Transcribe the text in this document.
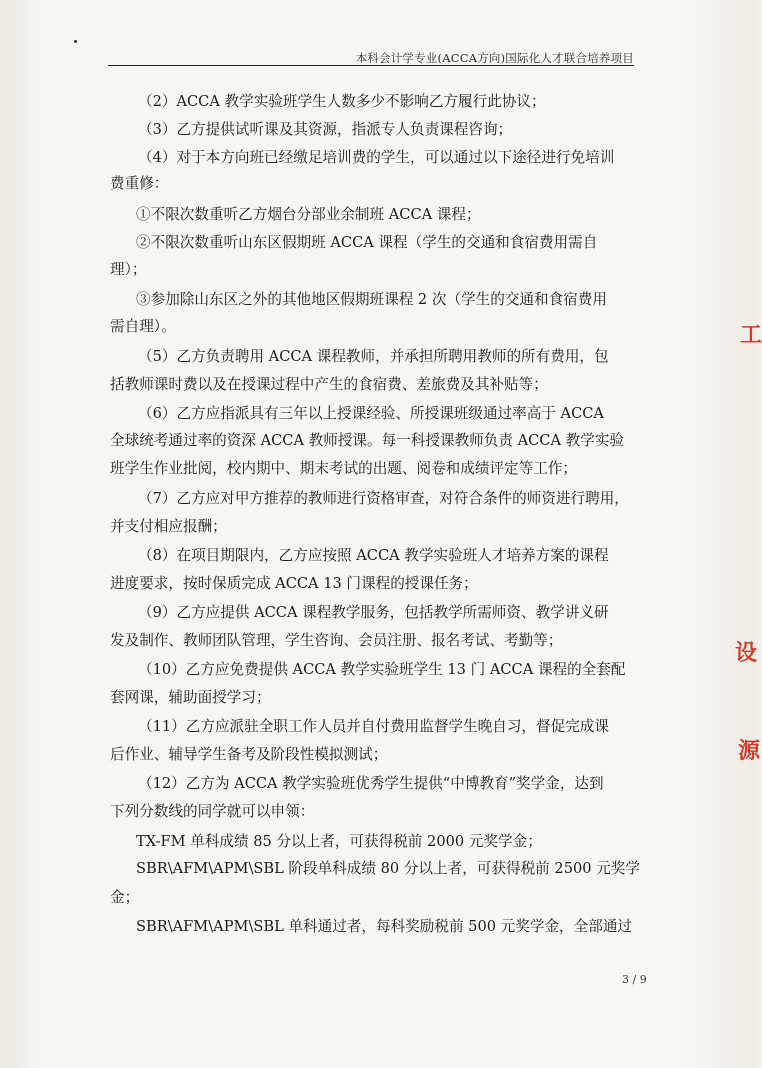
本科会计学专业(ACCA方向)国际化人才联合培养项目
（2）ACCA 教学实验班学生人数多少不影响乙方履行此协议；
（3）乙方提供试听课及其资源，指派专人负责课程咨询；
（4）对于本方向班已经缴足培训费的学生，可以通过以下途径进行免培训
费重修：
①不限次数重听乙方烟台分部业余制班 ACCA 课程；
②不限次数重听山东区假期班 ACCA 课程（学生的交通和食宿费用需自
理）；
③参加除山东区之外的其他地区假期班课程 2 次（学生的交通和食宿费用
需自理）。
（5）乙方负责聘用 ACCA 课程教师，并承担所聘用教师的所有费用，包
括教师课时费以及在授课过程中产生的食宿费、差旅费及其补贴等；
（6）乙方应指派具有三年以上授课经验、所授课班级通过率高于 ACCA
全球统考通过率的资深 ACCA 教师授课。每一科授课教师负责 ACCA 教学实验
班学生作业批阅，校内期中、期末考试的出题、阅卷和成绩评定等工作；
（7）乙方应对甲方推荐的教师进行资格审查，对符合条件的师资进行聘用，
并支付相应报酬；
（8）在项目期限内，乙方应按照 ACCA 教学实验班人才培养方案的课程
进度要求，按时保质完成 ACCA 13 门课程的授课任务；
（9）乙方应提供 ACCA 课程教学服务，包括教学所需师资、教学讲义研
发及制作、教师团队管理，学生咨询、会员注册、报名考试、考勤等；
（10）乙方应免费提供 ACCA 教学实验班学生 13 门 ACCA 课程的全套配
套网课，辅助面授学习；
（11）乙方应派驻全职工作人员并自付费用监督学生晚自习，督促完成课
后作业、辅导学生备考及阶段性模拟测试；
（12）乙方为 ACCA 教学实验班优秀学生提供“中博教育”奖学金，达到
下列分数线的同学就可以申领：
TX-FM 单科成绩 85 分以上者，可获得税前 2000 元奖学金；
SBR\AFM\APM\SBL 阶段单科成绩 80 分以上者，可获得税前 2500 元奖学
金；
SBR\AFM\APM\SBL 单科通过者，每科奖励税前 500 元奖学金，全部通过
3 / 9
工
设
源
